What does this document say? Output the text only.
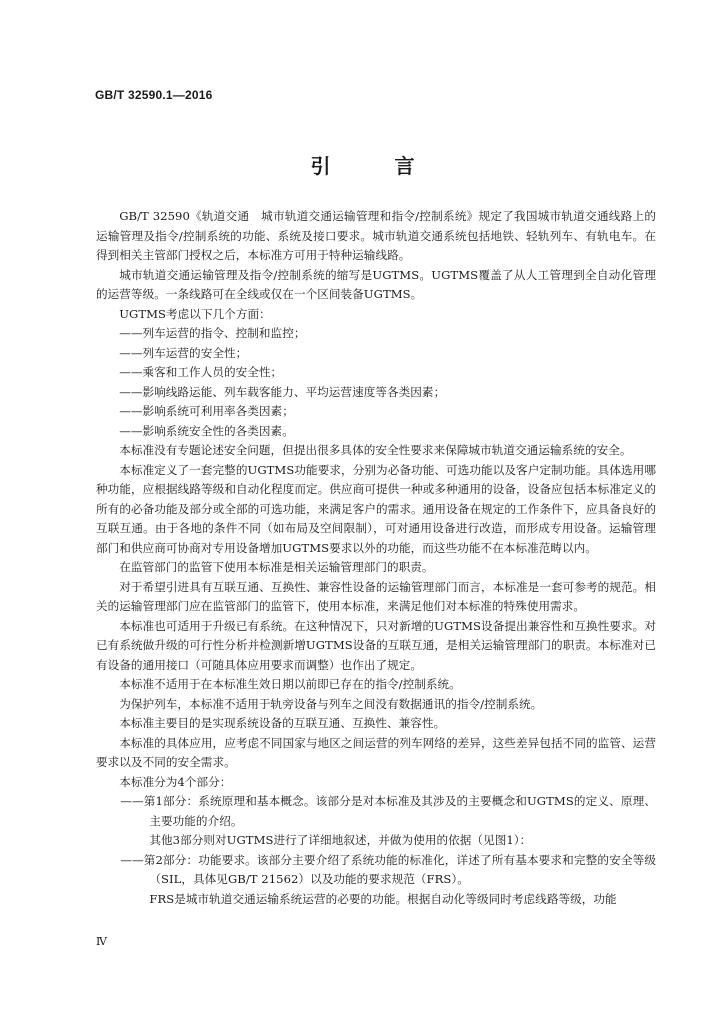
GB/T 32590.1—2016
引　言

GB/T 32590《轨道交通　城市轨道交通运输管理和指令/控制系统》规定了我国城市轨道交通线路上的运输管理及指令/控制系统的功能、系统及接口要求。城市轨道交通系统包括地铁、轻轨列车、有轨电车。在得到相关主管部门授权之后，本标准方可用于特种运输线路。

城市轨道交通运输管理及指令/控制系统的缩写是UGTMS。UGTMS覆盖了从人工管理到全自动化管理的运营等级。一条线路可在全线或仅在一个区间装备UGTMS。

UGTMS考虑以下几个方面：

——列车运营的指令、控制和监控；

——列车运营的安全性；

——乘客和工作人员的安全性；

——影响线路运能、列车载客能力、平均运营速度等各类因素；

——影响系统可利用率各类因素；

——影响系统安全性的各类因素。

本标准没有专题论述安全问题，但提出很多具体的安全性要求来保障城市轨道交通运输系统的安全。

本标准定义了一套完整的UGTMS功能要求，分别为必备功能、可选功能以及客户定制功能。具体选用哪种功能，应根据线路等级和自动化程度而定。供应商可提供一种或多种通用的设备，设备应包括本标准定义的所有的必备功能及部分或全部的可选功能，来满足客户的需求。通用设备在规定的工作条件下，应具备良好的互联互通。由于各地的条件不同（如布局及空间限制），可对通用设备进行改造，而形成专用设备。运输管理部门和供应商可协商对专用设备增加UGTMS要求以外的功能，而这些功能不在本标准范畴以内。

在监管部门的监管下使用本标准是相关运输管理部门的职责。

对于希望引进具有互联互通、互换性、兼容性设备的运输管理部门而言，本标准是一套可参考的规范。相关的运输管理部门应在监管部门的监管下，使用本标准，来满足他们对本标准的特殊使用需求。

本标准也可适用于升级已有系统。在这种情况下，只对新增的UGTMS设备提出兼容性和互换性要求。对已有系统做升级的可行性分析并检测新增UGTMS设备的互联互通，是相关运输管理部门的职责。本标准对已有设备的通用接口（可随具体应用要求而调整）也作出了规定。

本标准不适用于在本标准生效日期以前即已存在的指令/控制系统。

为保护列车，本标准不适用于轨旁设备与列车之间没有数据通讯的指令/控制系统。

本标准主要目的是实现系统设备的互联互通、互换性、兼容性。

本标准的具体应用，应考虑不同国家与地区之间运营的列车网络的差异，这些差异包括不同的监管、运营要求以及不同的安全需求。

本标准分为4个部分：

——第1部分：系统原理和基本概念。该部分是对本标准及其涉及的主要概念和UGTMS的定义、原理、主要功能的介绍。

其他3部分则对UGTMS进行了详细地叙述，并做为使用的依据（见图1）：

——第2部分：功能要求。该部分主要介绍了系统功能的标准化，详述了所有基本要求和完整的安全等级（SIL，具体见GB/T 21562）以及功能的要求规范（FRS）。

FRS是城市轨道交通运输系统运营的必要的功能。根据自动化等级同时考虑线路等级，功能

Ⅳ
